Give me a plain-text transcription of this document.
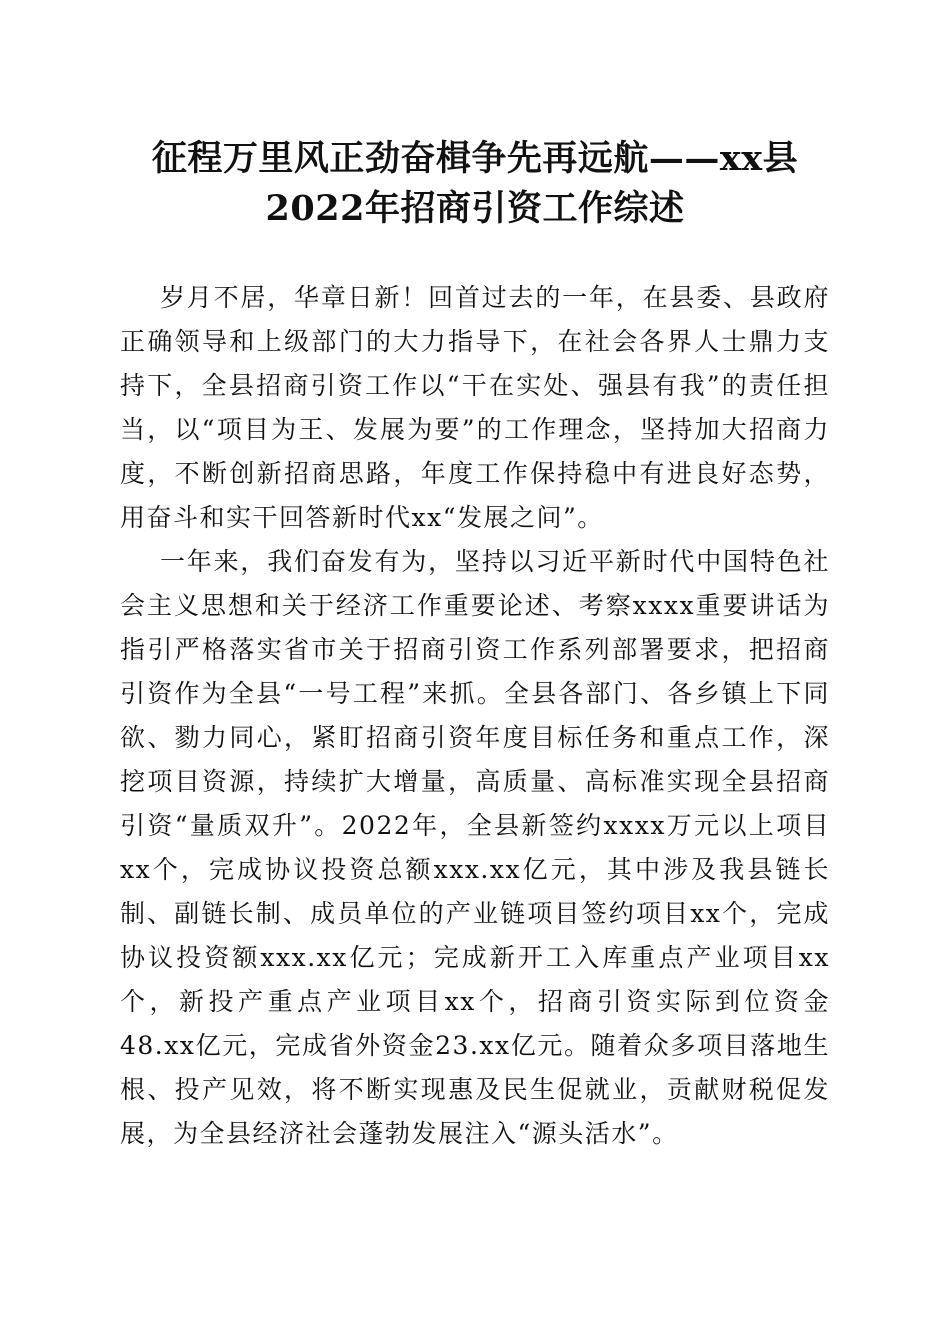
征程万里风正劲奋楫争先再远航——xx县
2022年招商引资工作综述

岁月不居，华章日新！回首过去的一年，在县委、县政府正确领导和上级部门的大力指导下，在社会各界人士鼎力支持下，全县招商引资工作以“干在实处、强县有我”的责任担当，以“项目为王、发展为要”的工作理念，坚持加大招商力度，不断创新招商思路，年度工作保持稳中有进良好态势，用奋斗和实干回答新时代xx“发展之问”。

一年来，我们奋发有为，坚持以习近平新时代中国特色社会主义思想和关于经济工作重要论述、考察xxxx重要讲话为指引严格落实省市关于招商引资工作系列部署要求，把招商引资作为全县“一号工程”来抓。全县各部门、各乡镇上下同欲、勠力同心，紧盯招商引资年度目标任务和重点工作，深挖项目资源，持续扩大增量，高质量、高标准实现全县招商引资“量质双升”。2022年，全县新签约xxxx万元以上项目xx个，完成协议投资总额xxx.xx亿元，其中涉及我县链长制、副链长制、成员单位的产业链项目签约项目xx个，完成协议投资额xxx.xx亿元；完成新开工入库重点产业项目xx个，新投产重点产业项目xx个，招商引资实际到位资金48.xx亿元，完成省外资金23.xx亿元。随着众多项目落地生根、投产见效，将不断实现惠及民生促就业，贡献财税促发展，为全县经济社会蓬勃发展注入“源头活水”。
